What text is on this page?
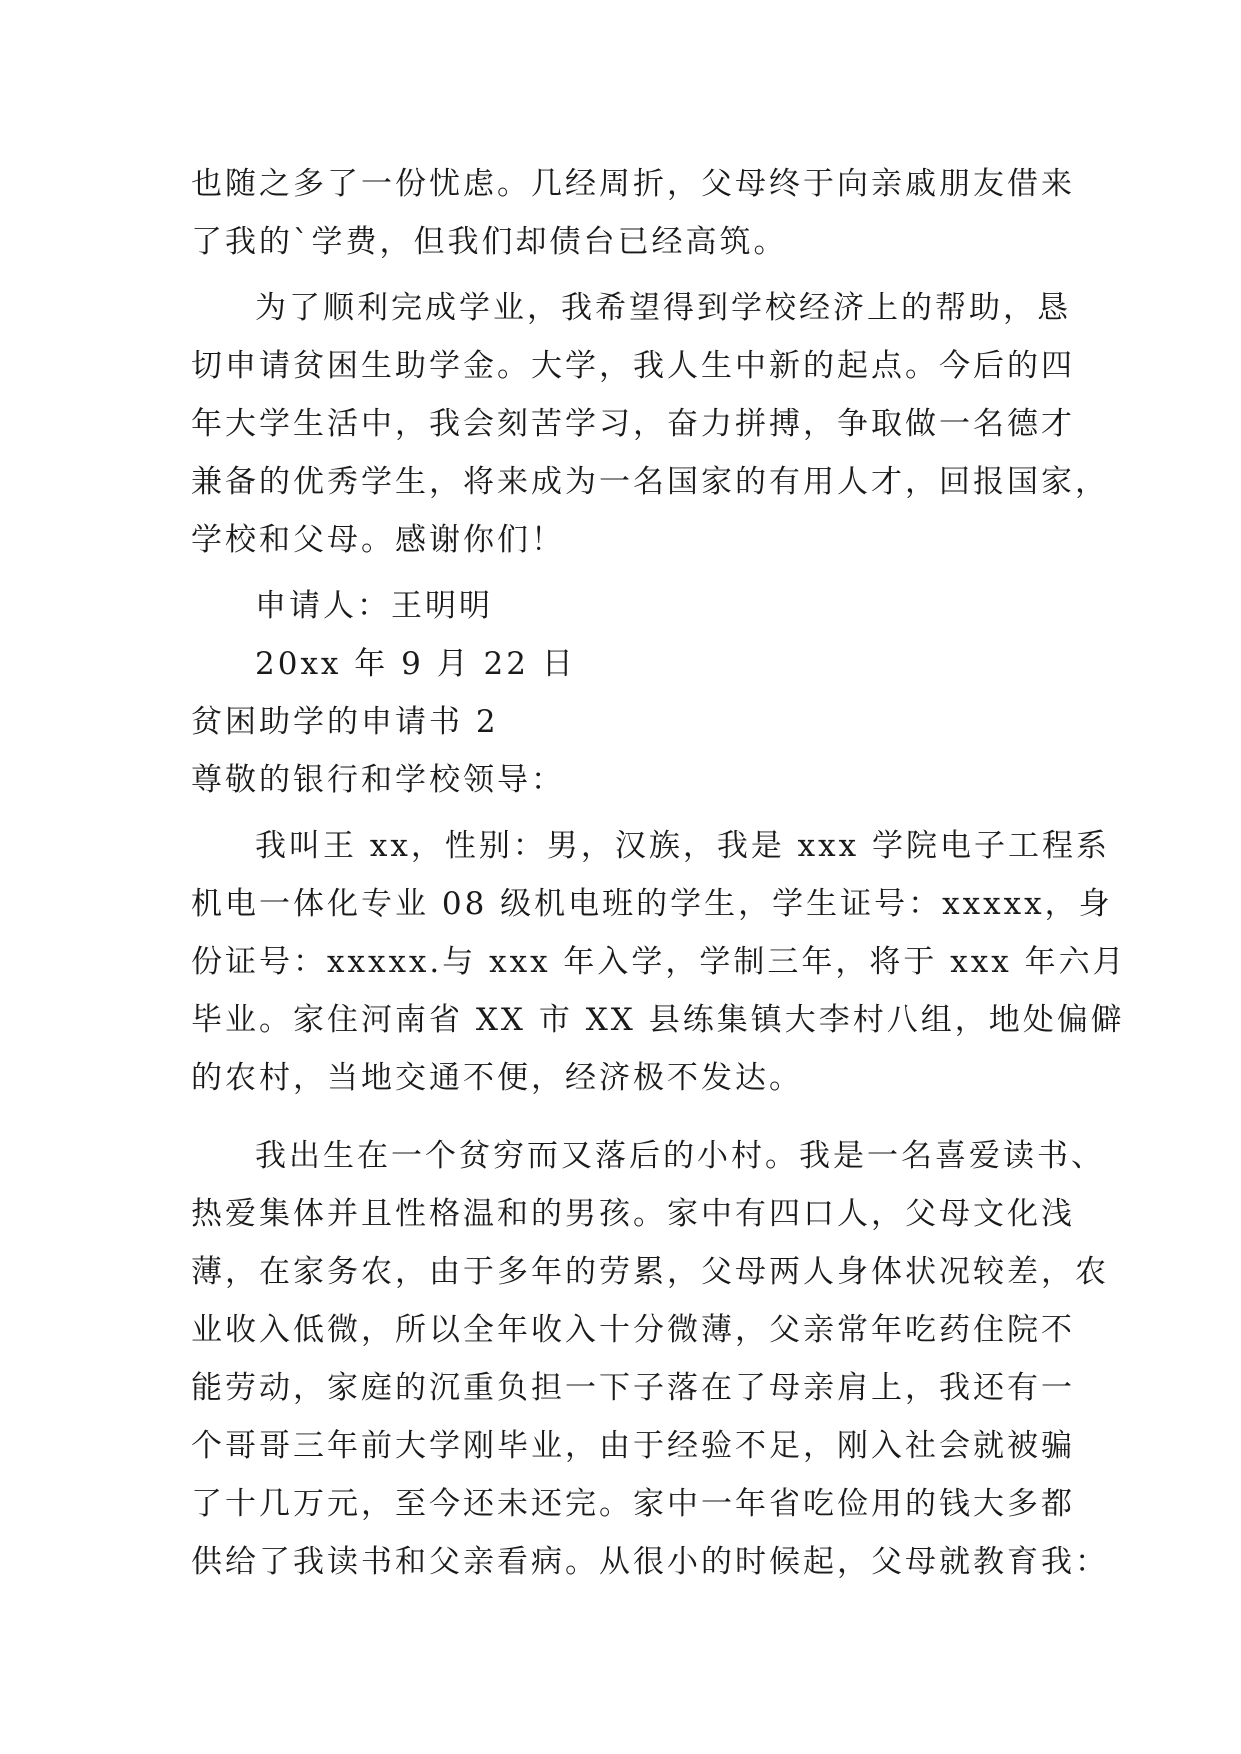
也随之多了一份忧虑。几经周折，父母终于向亲戚朋友借来
了我的`学费，但我们却债台已经高筑。
为了顺利完成学业，我希望得到学校经济上的帮助，恳
切申请贫困生助学金。大学，我人生中新的起点。今后的四
年大学生活中，我会刻苦学习，奋力拼搏，争取做一名德才
兼备的优秀学生，将来成为一名国家的有用人才，回报国家，
学校和父母。感谢你们！
申请人：王明明
20xx 年 9 月 22 日
贫困助学的申请书 2
尊敬的银行和学校领导：
我叫王 xx，性别：男，汉族，我是 xxx 学院电子工程系
机电一体化专业 08 级机电班的学生，学生证号：xxxxx，身
份证号：xxxxx.与 xxx 年入学，学制三年，将于 xxx 年六月
毕业。家住河南省 XX 市 XX 县练集镇大李村八组，地处偏僻
的农村，当地交通不便，经济极不发达。
我出生在一个贫穷而又落后的小村。我是一名喜爱读书、
热爱集体并且性格温和的男孩。家中有四口人，父母文化浅
薄，在家务农，由于多年的劳累，父母两人身体状况较差，农
业收入低微，所以全年收入十分微薄，父亲常年吃药住院不
能劳动，家庭的沉重负担一下子落在了母亲肩上，我还有一
个哥哥三年前大学刚毕业，由于经验不足，刚入社会就被骗
了十几万元，至今还未还完。家中一年省吃俭用的钱大多都
供给了我读书和父亲看病。从很小的时候起，父母就教育我：
